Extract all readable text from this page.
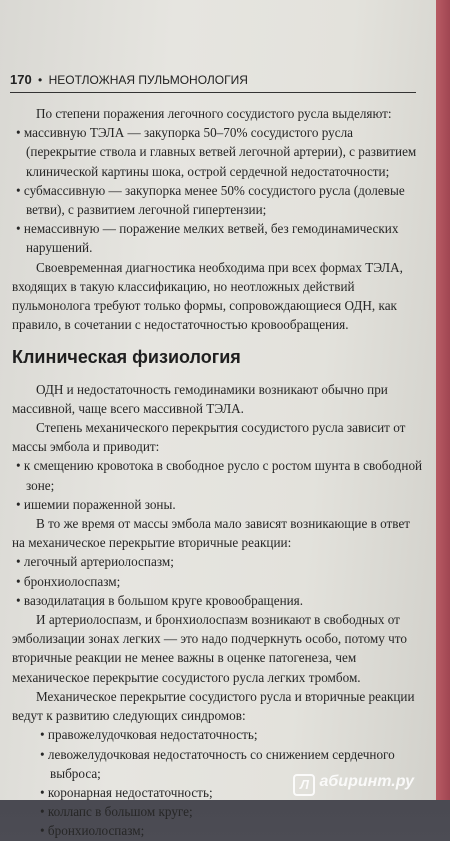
170 • НЕОТЛОЖНАЯ ПУЛЬМОНОЛОГИЯ

По степени поражения легочного сосудистого русла выделяют:

• массивную ТЭЛА — закупорка 50–70% сосудистого русла (перекрытие ствола и главных ветвей легочной артерии), с развитием клинической картины шока, острой сердечной недостаточности;
• субмассивную — закупорка менее 50% сосудистого русла (долевые ветви), с развитием легочной гипертензии;
• немассивную — поражение мелких ветвей, без гемодинамических нарушений.

Своевременная диагностика необходима при всех формах ТЭЛА, входящих в такую классификацию, но неотложных действий пульмонолога требуют только формы, сопровождающиеся ОДН, как правило, в сочетании с недостаточностью кровообращения.

Клиническая физиология

ОДН и недостаточность гемодинамики возникают обычно при массивной, чаще всего массивной ТЭЛА.

Степень механического перекрытия сосудистого русла зависит от массы эмбола и приводит:

• к смещению кровотока в свободное русло с ростом шунта в свободной зоне;
• ишемии пораженной зоны.

В то же время от массы эмбола мало зависят возникающие в ответ на механическое перекрытие вторичные реакции:

• легочный артериолоспазм;
• бронхиолоспазм;
• вазодилатация в большом круге кровообращения.

И артериолоспазм, и бронхиолоспазм возникают в свободных от эмболизации зонах легких — это надо подчеркнуть особо, потому что вторичные реакции не менее важны в оценке патогенеза, чем механическое перекрытие сосудистого русла легких тромбом.

Механическое перекрытие сосудистого русла и вторичные реакции ведут к развитию следующих синдромов:

• правожелудочковая недостаточность;
• левожелудочковая недостаточность со снижением сердечного выброса;
• коронарная недостаточность;
• коллапс в большом круге;
• бронхиолоспазм;
Л абиринт.ру
